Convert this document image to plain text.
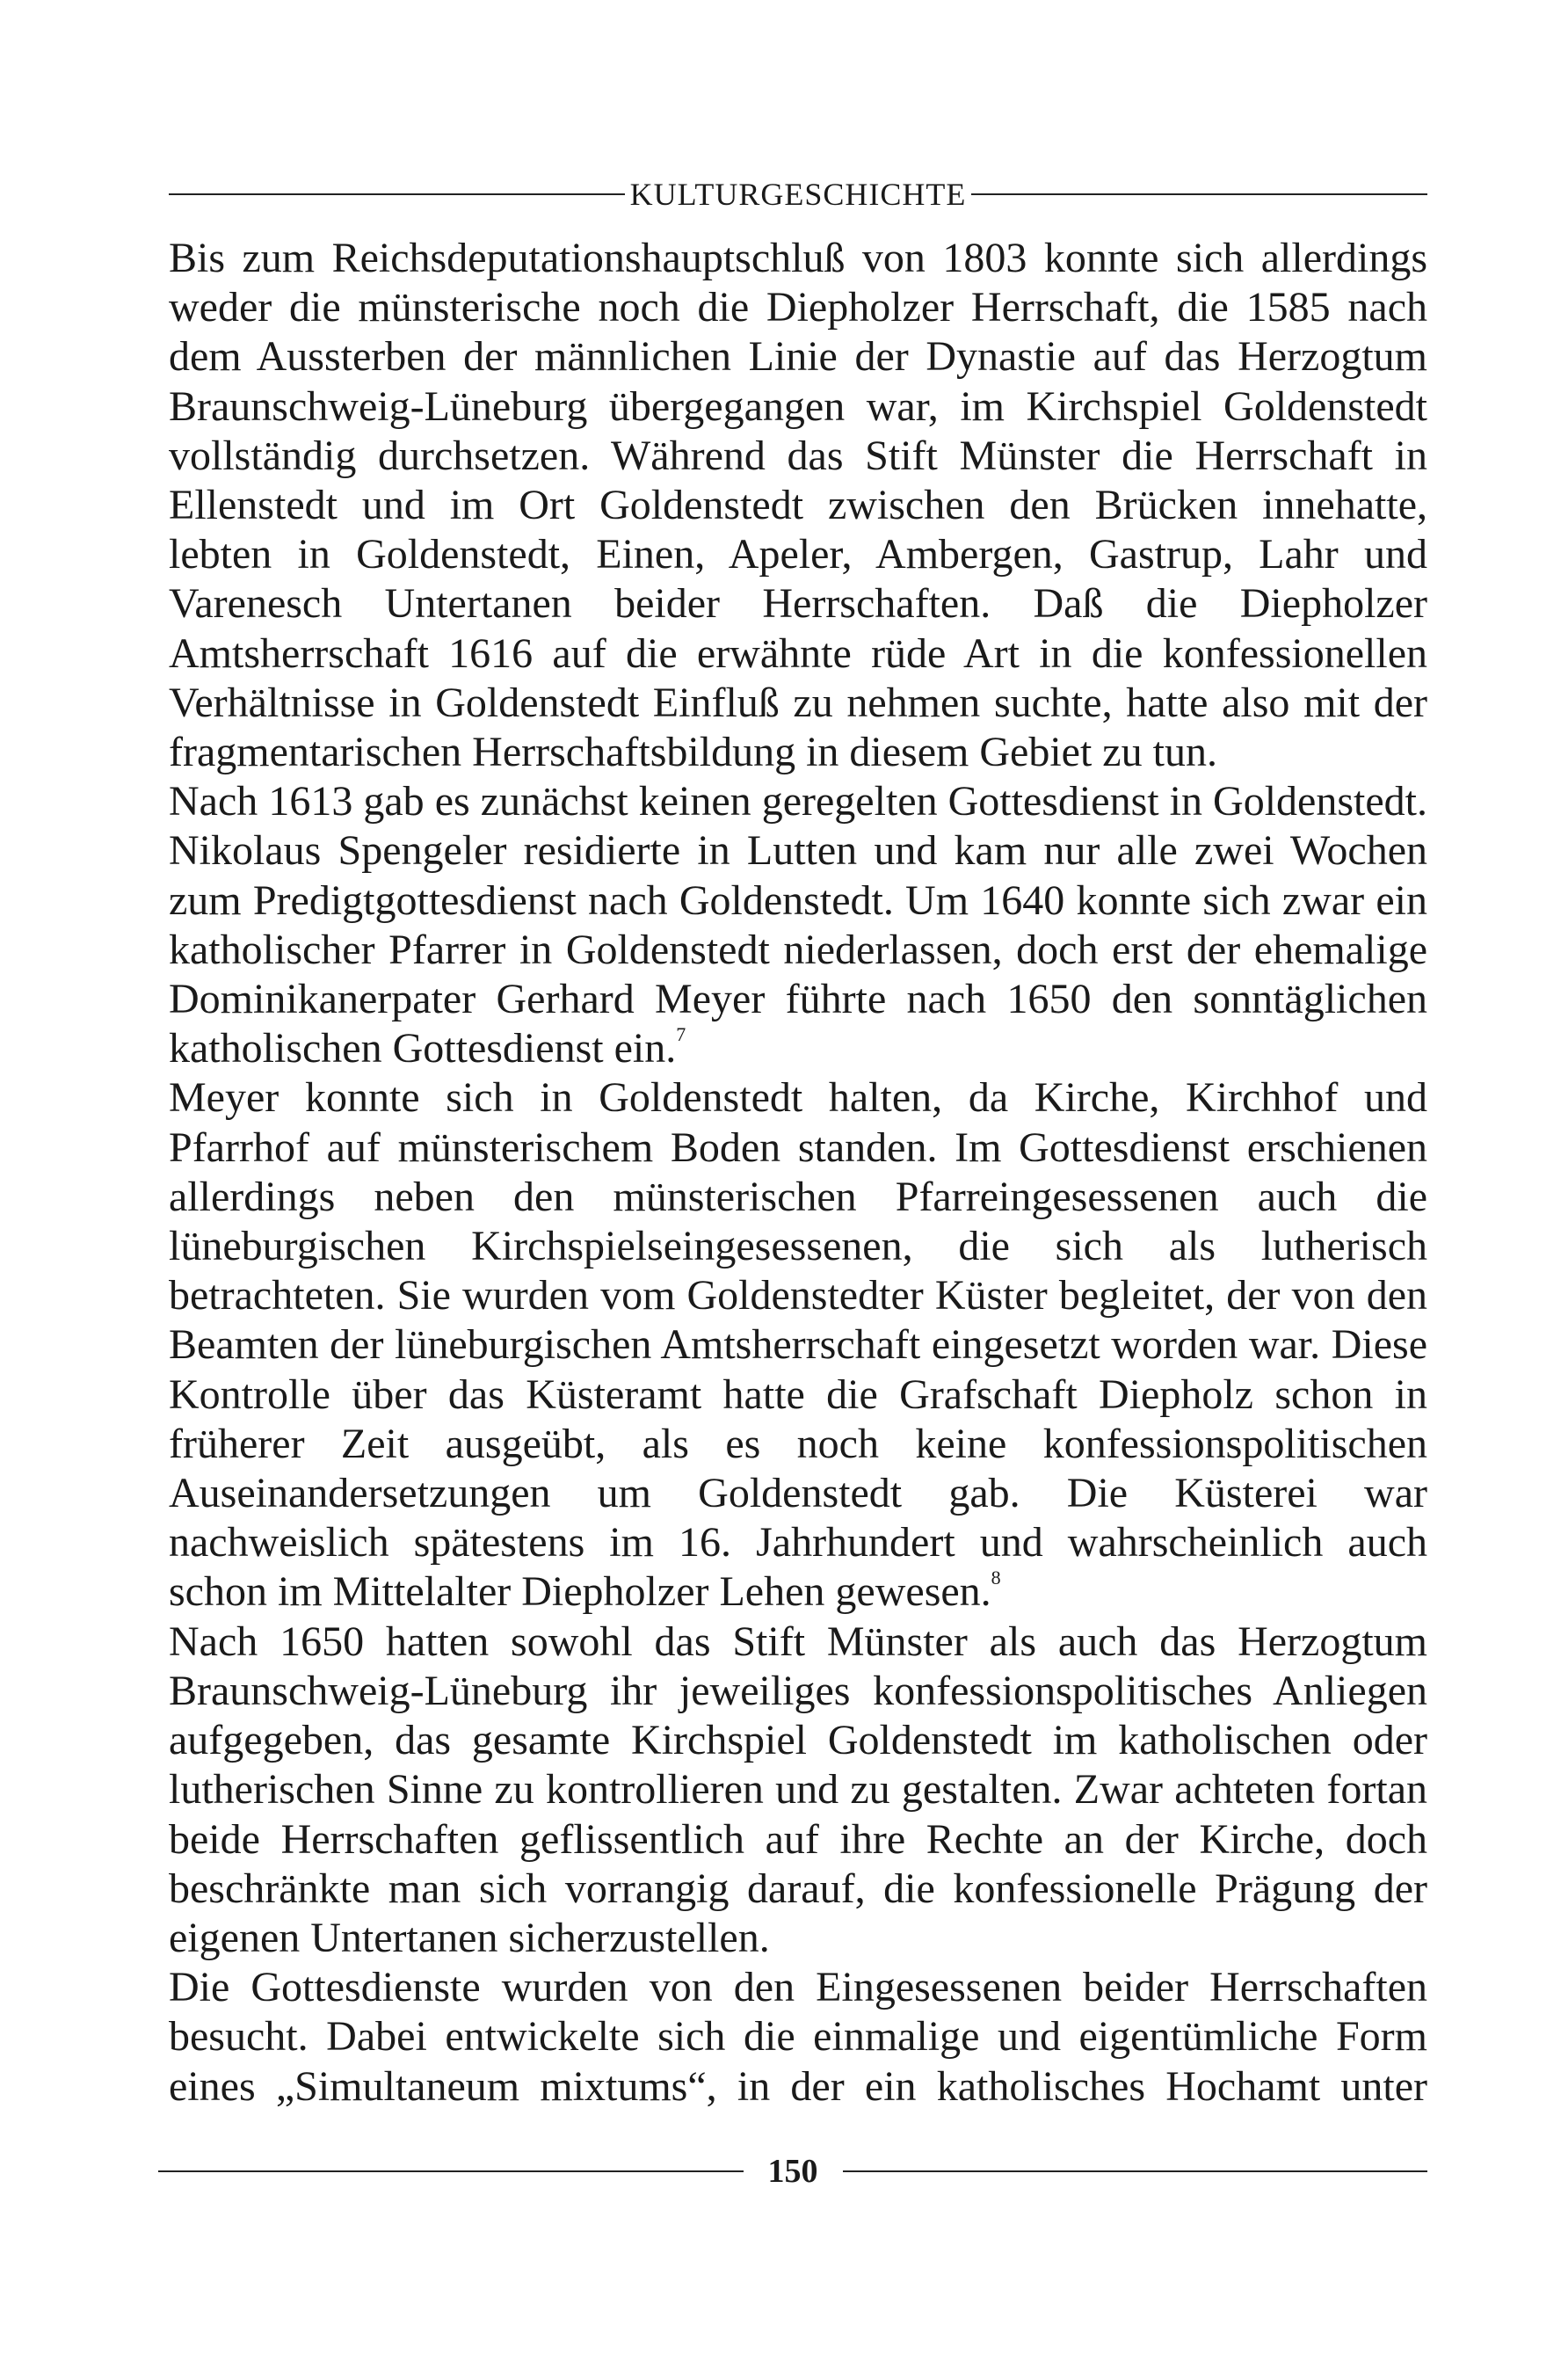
KULTURGESCHICHTE

Bis zum Reichsdeputationshauptschluß von 1803 konnte sich allerdings weder die münsterische noch die Diepholzer Herrschaft, die 1585 nach dem Aussterben der männlichen Linie der Dynastie auf das Herzogtum Braunschweig-Lüneburg übergegangen war, im Kirchspiel Goldenstedt vollständig durchsetzen. Während das Stift Münster die Herrschaft in Ellenstedt und im Ort Goldenstedt zwischen den Brücken innehatte, lebten in Goldenstedt, Einen, Apeler, Ambergen, Gastrup, Lahr und Varenesch Untertanen beider Herrschaften. Daß die Diepholzer Amtsherrschaft 1616 auf die erwähnte rüde Art in die konfessionellen Verhältnisse in Goldenstedt Einfluß zu nehmen suchte, hatte also mit der fragmentarischen Herrschaftsbildung in diesem Gebiet zu tun.

Nach 1613 gab es zunächst keinen geregelten Gottesdienst in Goldenstedt. Nikolaus Spengeler residierte in Lutten und kam nur alle zwei Wochen zum Predigtgottesdienst nach Goldenstedt. Um 1640 konnte sich zwar ein katholischer Pfarrer in Goldenstedt niederlassen, doch erst der ehemalige Dominikanerpater Gerhard Meyer führte nach 1650 den sonntäglichen katholischen Gottesdienst ein.$^7$

Meyer konnte sich in Goldenstedt halten, da Kirche, Kirchhof und Pfarrhof auf münsterischem Boden standen. Im Gottesdienst erschienen allerdings neben den münsterischen Pfarreingesessenen auch die lüneburgischen Kirchspielseingesessenen, die sich als lutherisch betrachteten. Sie wurden vom Goldenstedter Küster begleitet, der von den Beamten der lüneburgischen Amtsherrschaft eingesetzt worden war. Diese Kontrolle über das Küsteramt hatte die Grafschaft Diepholz schon in früherer Zeit ausgeübt, als es noch keine konfessionspolitischen Auseinandersetzungen um Goldenstedt gab. Die Küsterei war nachweislich spätestens im 16. Jahrhundert und wahrscheinlich auch schon im Mittelalter Diepholzer Lehen gewesen.$^8$

Nach 1650 hatten sowohl das Stift Münster als auch das Herzogtum Braunschweig-Lüneburg ihr jeweiliges konfessionspolitisches Anliegen aufgegeben, das gesamte Kirchspiel Goldenstedt im katholischen oder lutherischen Sinne zu kontrollieren und zu gestalten. Zwar achteten fortan beide Herrschaften geflissentlich auf ihre Rechte an der Kirche, doch beschränkte man sich vorrangig darauf, die konfessionelle Prägung der eigenen Untertanen sicherzustellen.

Die Gottesdienste wurden von den Eingesessenen beider Herrschaften besucht. Dabei entwickelte sich die einmalige und eigentümliche Form eines „Simultaneum mixtums“, in der ein katholisches Hochamt unter

150
